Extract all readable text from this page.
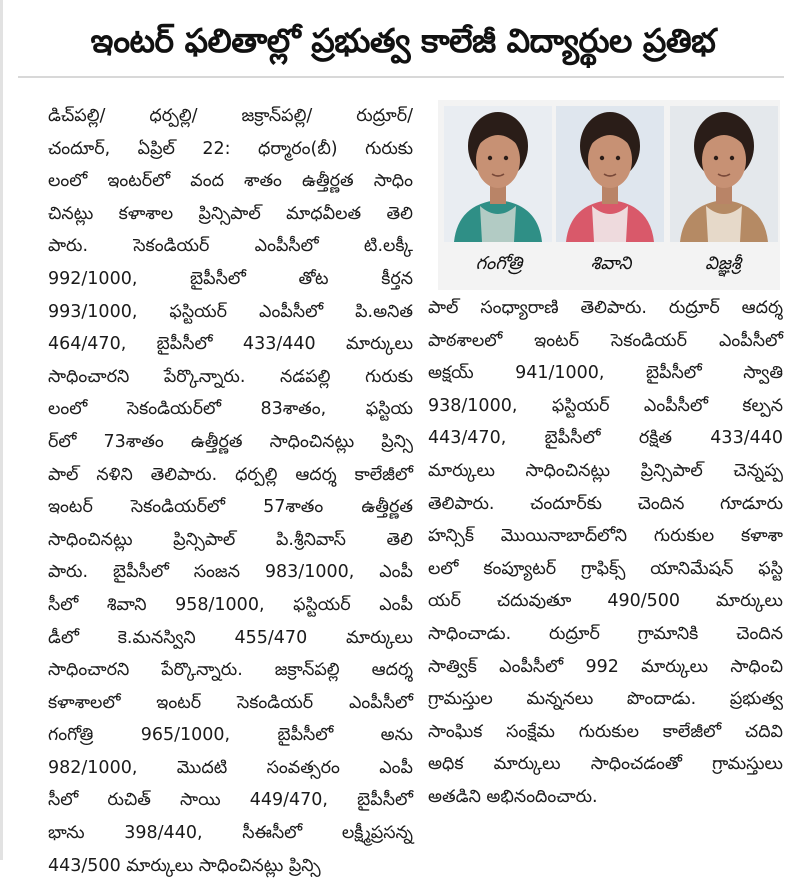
ఇంటర్ ఫలితాల్లో ప్రభుత్వ కాలేజీ విద్యార్థుల ప్రతిభ
డిచ్‌పల్లి/ ధర్పల్లి/ జక్రాన్‌పల్లి/ రుద్రూర్/
చందూర్, ఏప్రిల్ 22: ధర్మారం(బీ) గురుకు
లంలో ఇంటర్‌లో వంద శాతం ఉత్తీర్ణత సాధిం
చినట్లు కళాశాల ప్రిన్సిపాల్ మాధవీలత తెలి
పారు. సెకండియర్ ఎంపీసీలో టి.లక్కీ
992/1000, బైపీసీలో తోట కీర్తన
993/1000, ఫస్టియర్ ఎంపీసీలో పి.అనిత
464/470, బైపీసీలో 433/440 మార్కులు
సాధించారని పేర్కొన్నారు. నడపల్లి గురుకు
లంలో సెకండియర్‌లో 83శాతం, ఫస్టియ
ర్‌లో 73శాతం ఉత్తీర్ణత సాధించినట్లు ప్రిన్సి
పాల్ నళిని తెలిపారు. ధర్పల్లి ఆదర్శ కాలేజీలో
ఇంటర్ సెకండియర్‌లో 57శాతం ఉత్తీర్ణత
సాధించినట్లు ప్రిన్సిపాల్ పి.శ్రీనివాస్ తెలి
పారు. బైపీసీలో సంజన 983/1000, ఎంపీ
సీలో శివాని 958/1000, ఫస్టియర్ ఎంపీ
డీలో కె.మనస్విని 455/470 మార్కులు
సాధించారని పేర్కొన్నారు. జక్రాన్‌పల్లి ఆదర్శ
కళాశాలలో ఇంటర్ సెకండియర్ ఎంపీసీలో
గంగోత్రి 965/1000, బైపీసీలో అను
982/1000, మొదటి సంవత్సరం ఎంపీ
సీలో రుచిత్ సాయి 449/470, బైపీసీలో
భాను 398/440, సీఈసీలో లక్ష్మీప్రసన్న
443/500 మార్కులు సాధించినట్లు ప్రిన్సి
గంగోత్రి	శివాని	విజ్ఞశ్రీ
పాల్ సంధ్యారాణి తెలిపారు. రుద్రూర్ ఆదర్శ
పాఠశాలలో ఇంటర్ సెకండియర్ ఎంపీసీలో
అక్షయ్ 941/1000, బైపీసీలో స్వాతి
938/1000, ఫస్టియర్ ఎంపీసీలో కల్పన
443/470, బైపీసీలో రక్షిత 433/440
మార్కులు సాధించినట్లు ప్రిన్సిపాల్ చెన్నప్ప
తెలిపారు. చందూర్‌కు చెందిన గూడూరు
హన్సిక్ మొయినాబాద్‌లోని గురుకుల కళాశా
లలో కంప్యూటర్ గ్రాఫిక్స్ యానిమేషన్ ఫస్టి
యర్ చదువుతూ 490/500 మార్కులు
సాధించాడు. రుద్రూర్ గ్రామానికి చెందిన
సాత్విక్ ఎంపీసీలో 992 మార్కులు సాధించి
గ్రామస్తుల మన్ననలు పొందాడు. ప్రభుత్వ
సాంఘిక సంక్షేమ గురుకుల కాలేజీలో చదివి
అధిక మార్కులు సాధించడంతో గ్రామస్తులు
అతడిని అభినందించారు.
